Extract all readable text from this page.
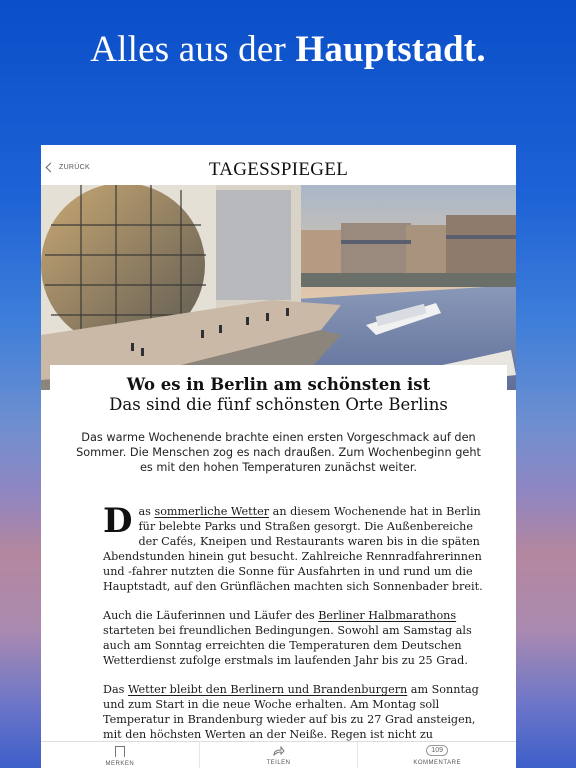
Alles aus der Hauptstadt.
ZURÜCK	TAGESSPIEGEL
Wo es in Berlin am schönsten ist
Das sind die fünf schönsten Orte Berlins
Das warme Wochenende brachte einen ersten Vorgeschmack auf den Sommer. Die Menschen zog es nach draußen. Zum Wochenbeginn geht es mit den hohen Temperaturen zunächst weiter.

Das sommerliche Wetter an diesem Wochenende hat in Berlin für belebte Parks und Straßen gesorgt. Die Außenbereiche der Cafés, Kneipen und Restaurants waren bis in die späten Abendstunden hinein gut besucht. Zahlreiche Rennradfahrerinnen und -fahrer nutzten die Sonne für Ausfahrten in und rund um die Hauptstadt, auf den Grünflächen machten sich Sonnenbader breit.

Auch die Läuferinnen und Läufer des Berliner Halbmarathons starteten bei freundlichen Bedingungen. Sowohl am Samstag als auch am Sonntag erreichten die Temperaturen dem Deutschen Wetterdienst zufolge erstmals im laufenden Jahr bis zu 25 Grad.

Das Wetter bleibt den Berlinern und Brandenburgern am Sonntag und zum Start in die neue Woche erhalten. Am Montag soll Temperatur in Brandenburg wieder auf bis zu 27 Grad ansteigen, mit den höchsten Werten an der Neiße. Regen ist nicht zu

MERKEN	TEILEN
109
KOMMENTARE
